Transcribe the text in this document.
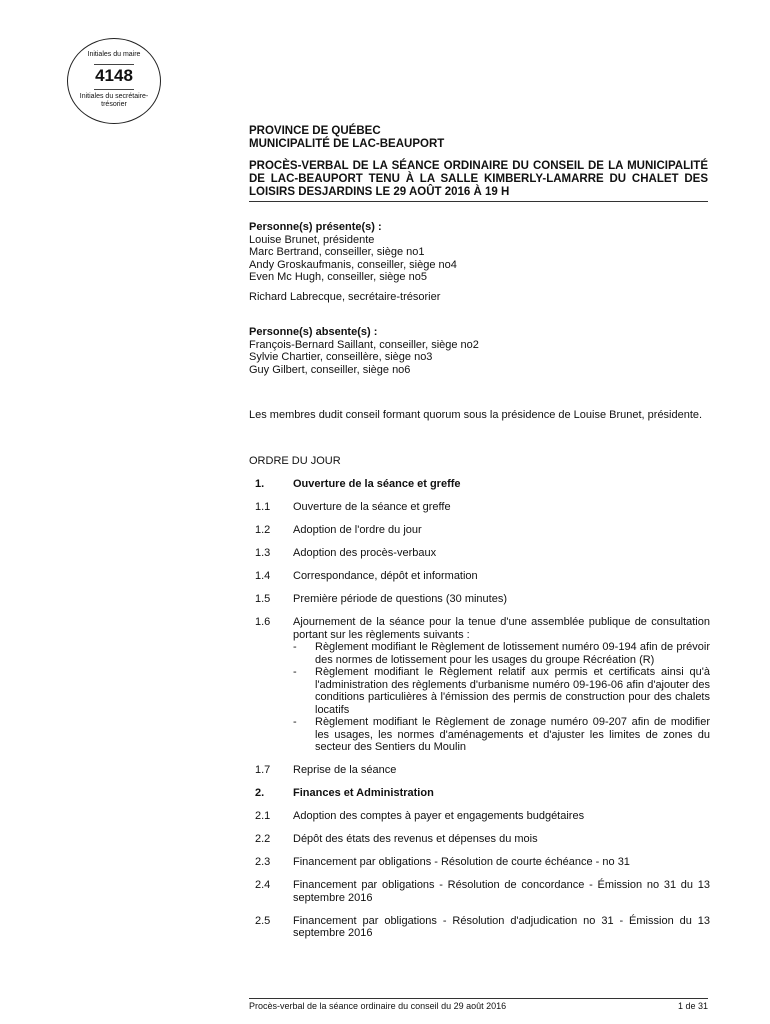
Initiales du maire
4148
Initiales du secrétaire-trésorier
PROVINCE DE QUÉBEC
MUNICIPALITÉ DE LAC-BEAUPORT
PROCÈS-VERBAL DE LA SÉANCE ORDINAIRE DU CONSEIL DE LA MUNICIPALITÉ DE LAC-BEAUPORT TENU À LA SALLE KIMBERLY-LAMARRE DU CHALET DES LOISIRS DESJARDINS LE 29 AOÛT 2016 À 19 H
Personne(s) présente(s) :
Louise Brunet, présidente
Marc Bertrand, conseiller, siège no1
Andy Groskaufmanis, conseiller, siège no4
Even Mc Hugh, conseiller, siège no5
Richard Labrecque, secrétaire-trésorier
Personne(s) absente(s) :
François-Bernard Saillant, conseiller, siège no2
Sylvie Chartier, conseillère, siège no3
Guy Gilbert, conseiller, siège no6
Les membres dudit conseil formant quorum sous la présidence de Louise Brunet, présidente.
ORDRE DU JOUR
1.	Ouverture de la séance et greffe
1.1	Ouverture de la séance et greffe
1.2	Adoption de l'ordre du jour
1.3	Adoption des procès-verbaux
1.4	Correspondance, dépôt et information
1.5	Première période de questions (30 minutes)
1.6	Ajournement de la séance pour la tenue d'une assemblée publique de consultation portant sur les règlements suivants :
- Règlement modifiant le Règlement de lotissement numéro 09-194 afin de prévoir des normes de lotissement pour les usages du groupe Récréation (R)
- Règlement modifiant le Règlement relatif aux permis et certificats ainsi qu'à l'administration des règlements d'urbanisme numéro 09-196-06 afin d'ajouter des conditions particulières à l'émission des permis de construction pour des chalets locatifs
- Règlement modifiant le Règlement de zonage numéro 09-207 afin de modifier les usages, les normes d'aménagements et d'ajuster les limites de zones du secteur des Sentiers du Moulin
1.7	Reprise de la séance
2.	Finances et Administration
2.1	Adoption des comptes à payer et engagements budgétaires
2.2	Dépôt des états des revenus et dépenses du mois
2.3	Financement par obligations - Résolution de courte échéance - no 31
2.4	Financement par obligations - Résolution de concordance - Émission no 31 du 13 septembre 2016
2.5	Financement par obligations - Résolution d'adjudication no 31 - Émission du 13 septembre 2016
Procès-verbal de la séance ordinaire du conseil du 29 août 2016	1 de 31
